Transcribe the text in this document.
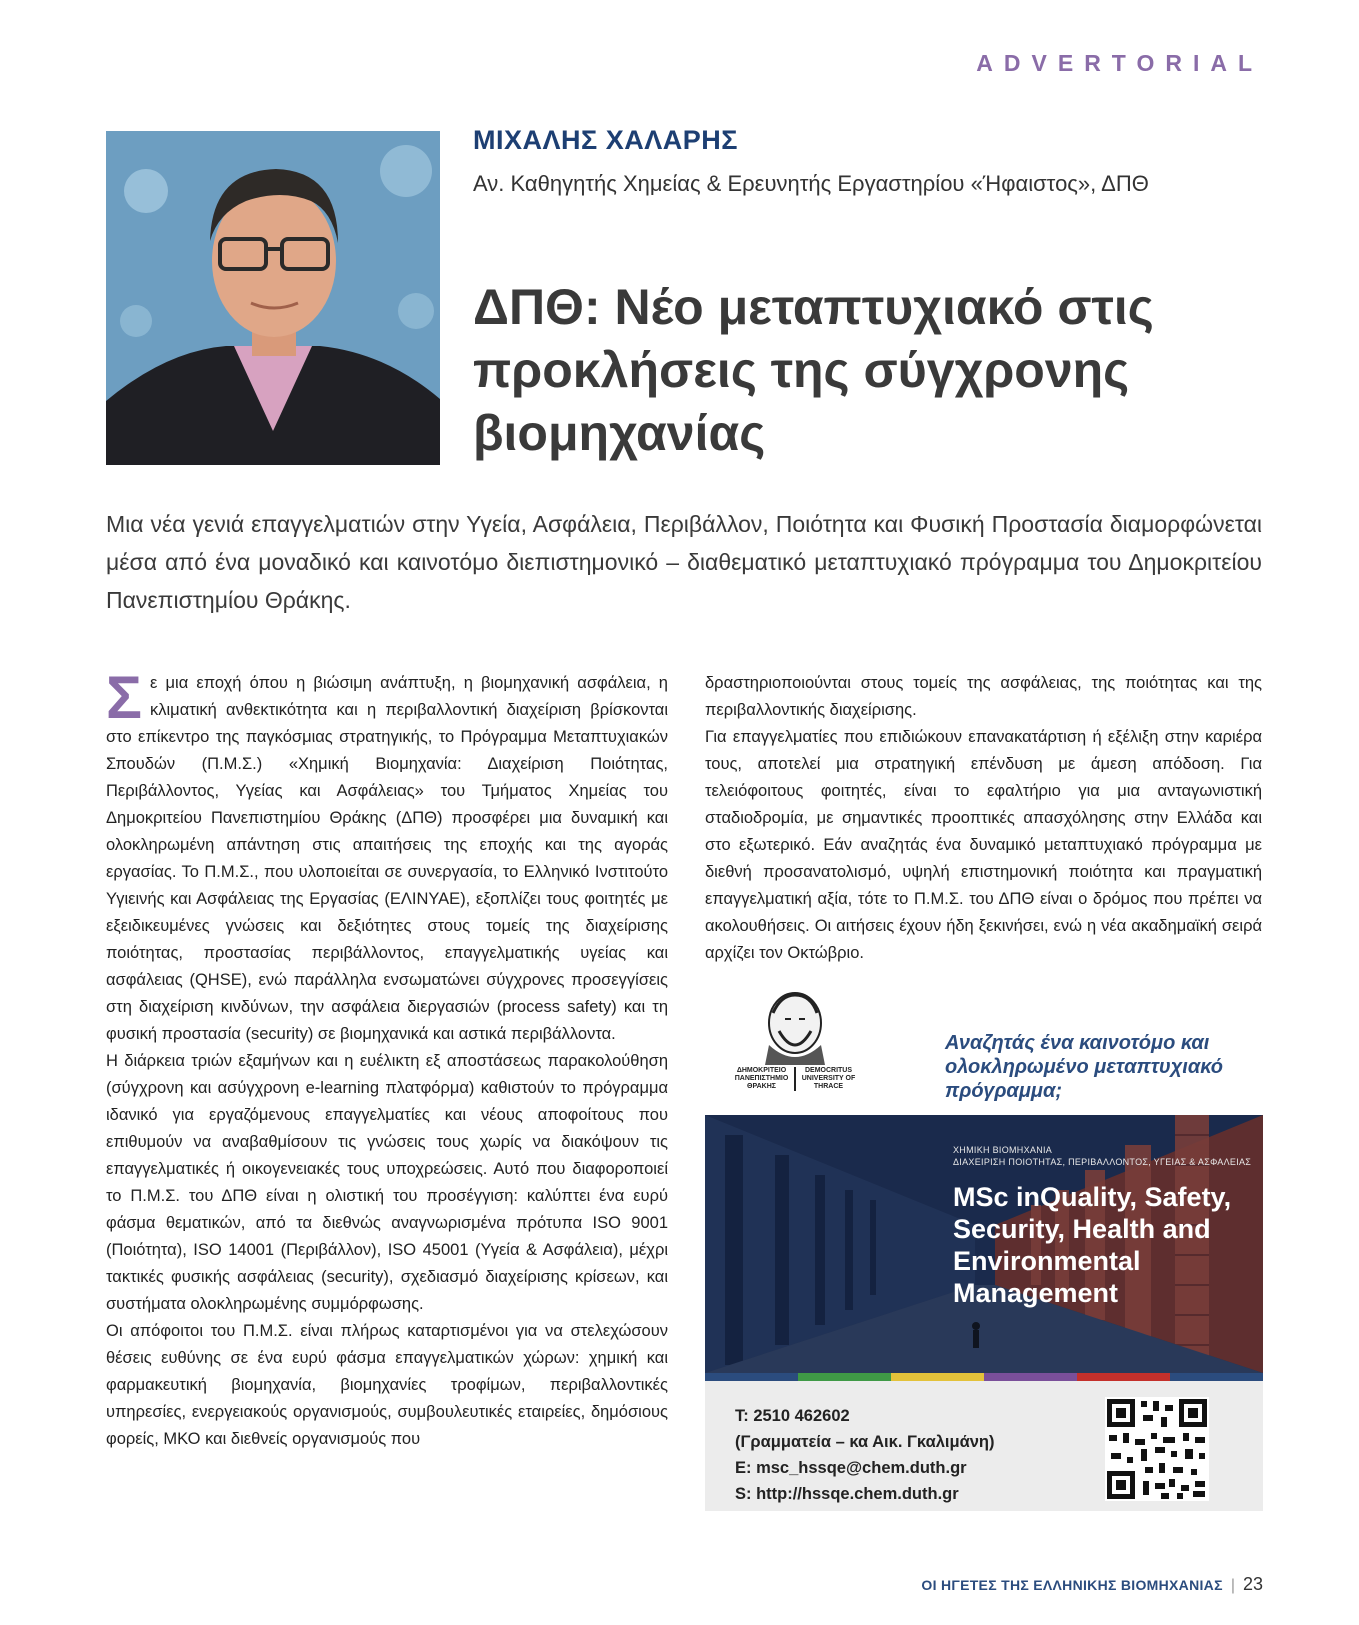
ADVERTORIAL
ΜΙΧΑΛΗΣ ΧΑΛΑΡΗΣ
Αν. Καθηγητής Χημείας & Ερευνητής Εργαστηρίου «Ήφαιστος», ΔΠΘ
ΔΠΘ: Νέο μεταπτυχιακό στις προκλήσεις της σύγχρονης βιομηχανίας

Μια νέα γενιά επαγγελματιών στην Υγεία, Ασφάλεια, Περιβάλλον, Ποιότητα και Φυσική Προστασία διαμορφώνεται μέσα από ένα μοναδικό και καινοτόμο διεπιστημονικό – διαθεματικό μεταπτυχιακό πρόγραμμα του Δημοκριτείου Πανεπιστημίου Θράκης.

Σ ε μια εποχή όπου η βιώσιμη ανάπτυξη, η βιομηχανική ασφάλεια, η κλιματική ανθεκτικότητα και η περιβαλλοντική διαχείριση βρίσκονται στο επίκεντρο της παγκόσμιας στρατηγικής, το Πρόγραμμα Μεταπτυχιακών Σπουδών (Π.Μ.Σ.) «Χημική Βιομηχανία: Διαχείριση Ποιότητας, Περιβάλλοντος, Υγείας και Ασφάλειας» του Τμήματος Χημείας του Δημοκριτείου Πανεπιστημίου Θράκης (ΔΠΘ) προσφέρει μια δυναμική και ολοκληρωμένη απάντηση στις απαιτήσεις της εποχής και της αγοράς εργασίας. Το Π.Μ.Σ., που υλοποιείται σε συνεργασία, το Ελληνικό Ινστιτούτο Υγιεινής και Ασφάλειας της Εργασίας (ΕΛΙΝΥΑΕ), εξοπλίζει τους φοιτητές με εξειδικευμένες γνώσεις και δεξιότητες στους τομείς της διαχείρισης ποιότητας, προστασίας περιβάλλοντος, επαγγελματικής υγείας και ασφάλειας (QHSE), ενώ παράλληλα ενσωματώνει σύγχρονες προσεγγίσεις στη διαχείριση κινδύνων, την ασφάλεια διεργασιών (process safety) και τη φυσική προστασία (security) σε βιομηχανικά και αστικά περιβάλλοντα.

Η διάρκεια τριών εξαμήνων και η ευέλικτη εξ αποστάσεως παρακολούθηση (σύγχρονη και ασύγχρονη e-learning πλατφόρμα) καθιστούν το πρόγραμμα ιδανικό για εργαζόμενους επαγγελματίες και νέους αποφοίτους που επιθυμούν να αναβαθμίσουν τις γνώσεις τους χωρίς να διακόψουν τις επαγγελματικές ή οικογενειακές τους υποχρεώσεις. Αυτό που διαφοροποιεί το Π.Μ.Σ. του ΔΠΘ είναι η ολιστική του προσέγγιση: καλύπτει ένα ευρύ φάσμα θεματικών, από τα διεθνώς αναγνωρισμένα πρότυπα ISO 9001 (Ποιότητα), ISO 14001 (Περιβάλλον), ISO 45001 (Υγεία & Ασφάλεια), μέχρι τακτικές φυσικής ασφάλειας (security), σχεδιασμό διαχείρισης κρίσεων, και συστήματα ολοκληρωμένης συμμόρφωσης.

Οι απόφοιτοι του Π.Μ.Σ. είναι πλήρως καταρτισμένοι για να στελεχώσουν θέσεις ευθύνης σε ένα ευρύ φάσμα επαγγελματικών χώρων: χημική και φαρμακευτική βιομηχανία, βιομηχανίες τροφίμων, περιβαλλοντικές υπηρεσίες, ενεργειακούς οργανισμούς, συμβουλευτικές εταιρείες, δημόσιους φορείς, ΜΚΟ και διεθνείς οργανισμούς που

δραστηριοποιούνται στους τομείς της ασφάλειας, της ποιότητας και της περιβαλλοντικής διαχείρισης.

Για επαγγελματίες που επιδιώκουν επανακατάρτιση ή εξέλιξη στην καριέρα τους, αποτελεί μια στρατηγική επένδυση με άμεση απόδοση. Για τελειόφοιτους φοιτητές, είναι το εφαλτήριο για μια ανταγωνιστική σταδιοδρομία, με σημαντικές προοπτικές απασχόλησης στην Ελλάδα και στο εξωτερικό. Εάν αναζητάς ένα δυναμικό μεταπτυχιακό πρόγραμμα με διεθνή προσανατολισμό, υψηλή επιστημονική ποιότητα και πραγματική επαγγελματική αξία, τότε το Π.Μ.Σ. του ΔΠΘ είναι ο δρόμος που πρέπει να ακολουθήσεις. Οι αιτήσεις έχουν ήδη ξεκινήσει, ενώ η νέα ακαδημαϊκή σειρά αρχίζει τον Οκτώβριο.

ΔΗΜΟΚΡΙΤΕΙΟ ΠΑΝΕΠΙΣΤΗΜΙΟ ΘΡΑΚΗΣ
DEMOCRITUS UNIVERSITY OF THRACE
Αναζητάς ένα καινοτόμο και ολοκληρωμένο μεταπτυχιακό πρόγραμμα;
ΧΗΜΙΚΗ ΒΙΟΜΗΧΑΝΙΑ
ΔΙΑΧΕΙΡΙΣΗ ΠΟΙΟΤΗΤΑΣ, ΠΕΡΙΒΑΛΛΟΝΤΟΣ, ΥΓΕΙΑΣ & ΑΣΦΑΛΕΙΑΣ
MSc inQuality, Safety, Security, Health and Environmental Management
T: 2510 462602
(Γραμματεία – κα Αικ. Γκαλιμάνη)
E: msc_hssqe@chem.duth.gr
S: http://hssqe.chem.duth.gr
ΟΙ ΗΓΕΤΕΣ ΤΗΣ ΕΛΛΗΝΙΚΗΣ ΒΙΟΜΗΧΑΝΙΑΣ | 23
